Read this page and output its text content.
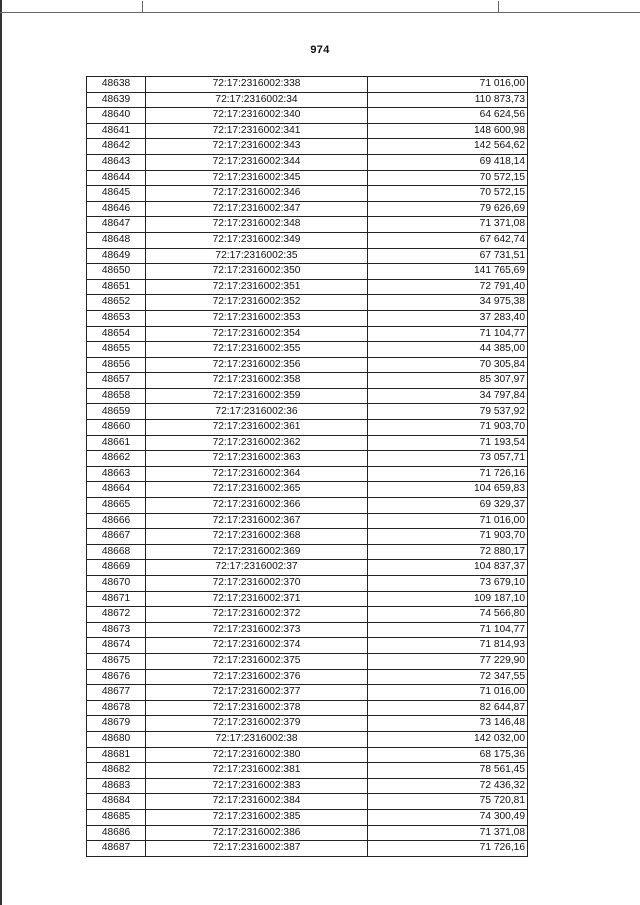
974
48638	72:17:2316002:338	71 016,00
48639	72:17:2316002:34	110 873,73
48640	72:17:2316002:340	64 624,56
48641	72:17:2316002:341	148 600,98
48642	72:17:2316002:343	142 564,62
48643	72:17:2316002:344	69 418,14
48644	72:17:2316002:345	70 572,15
48645	72:17:2316002:346	70 572,15
48646	72:17:2316002:347	79 626,69
48647	72:17:2316002:348	71 371,08
48648	72:17:2316002:349	67 642,74
48649	72:17:2316002:35	67 731,51
48650	72:17:2316002:350	141 765,69
48651	72:17:2316002:351	72 791,40
48652	72:17:2316002:352	34 975,38
48653	72:17:2316002:353	37 283,40
48654	72:17:2316002:354	71 104,77
48655	72:17:2316002:355	44 385,00
48656	72:17:2316002:356	70 305,84
48657	72:17:2316002:358	85 307,97
48658	72:17:2316002:359	34 797,84
48659	72:17:2316002:36	79 537,92
48660	72:17:2316002:361	71 903,70
48661	72:17:2316002:362	71 193,54
48662	72:17:2316002:363	73 057,71
48663	72:17:2316002:364	71 726,16
48664	72:17:2316002:365	104 659,83
48665	72:17:2316002:366	69 329,37
48666	72:17:2316002:367	71 016,00
48667	72:17:2316002:368	71 903,70
48668	72:17:2316002:369	72 880,17
48669	72:17:2316002:37	104 837,37
48670	72:17:2316002:370	73 679,10
48671	72:17:2316002:371	109 187,10
48672	72:17:2316002:372	74 566,80
48673	72:17:2316002:373	71 104,77
48674	72:17:2316002:374	71 814,93
48675	72:17:2316002:375	77 229,90
48676	72:17:2316002:376	72 347,55
48677	72:17:2316002:377	71 016,00
48678	72:17:2316002:378	82 644,87
48679	72:17:2316002:379	73 146,48
48680	72:17:2316002:38	142 032,00
48681	72:17:2316002:380	68 175,36
48682	72:17:2316002:381	78 561,45
48683	72:17:2316002:383	72 436,32
48684	72:17:2316002:384	75 720,81
48685	72:17:2316002:385	74 300,49
48686	72:17:2316002:386	71 371,08
48687	72:17:2316002:387	71 726,16
